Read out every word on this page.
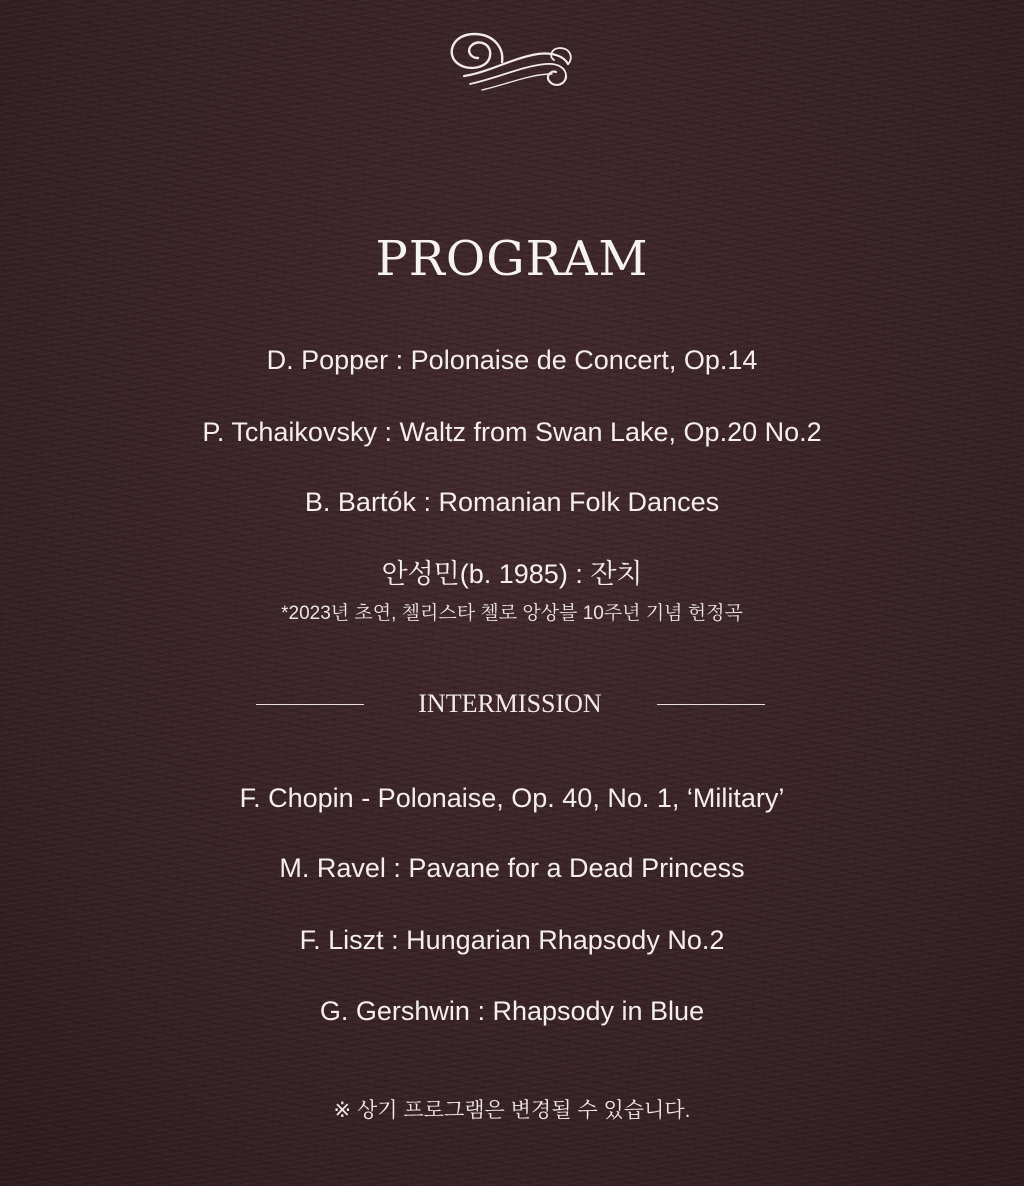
PROGRAM
D. Popper : Polonaise de Concert, Op.14
P. Tchaikovsky : Waltz from Swan Lake, Op.20 No.2
B. Bartók : Romanian Folk Dances
안성민(b. 1985) : 잔치
*2023년 초연, 첼리스타 첼로 앙상블 10주년 기념 헌정곡
INTERMISSION
F. Chopin - Polonaise, Op. 40, No. 1, ‘Military’
M. Ravel : Pavane for a Dead Princess
F. Liszt : Hungarian Rhapsody No.2
G. Gershwin : Rhapsody in Blue
※ 상기 프로그램은 변경될 수 있습니다.
